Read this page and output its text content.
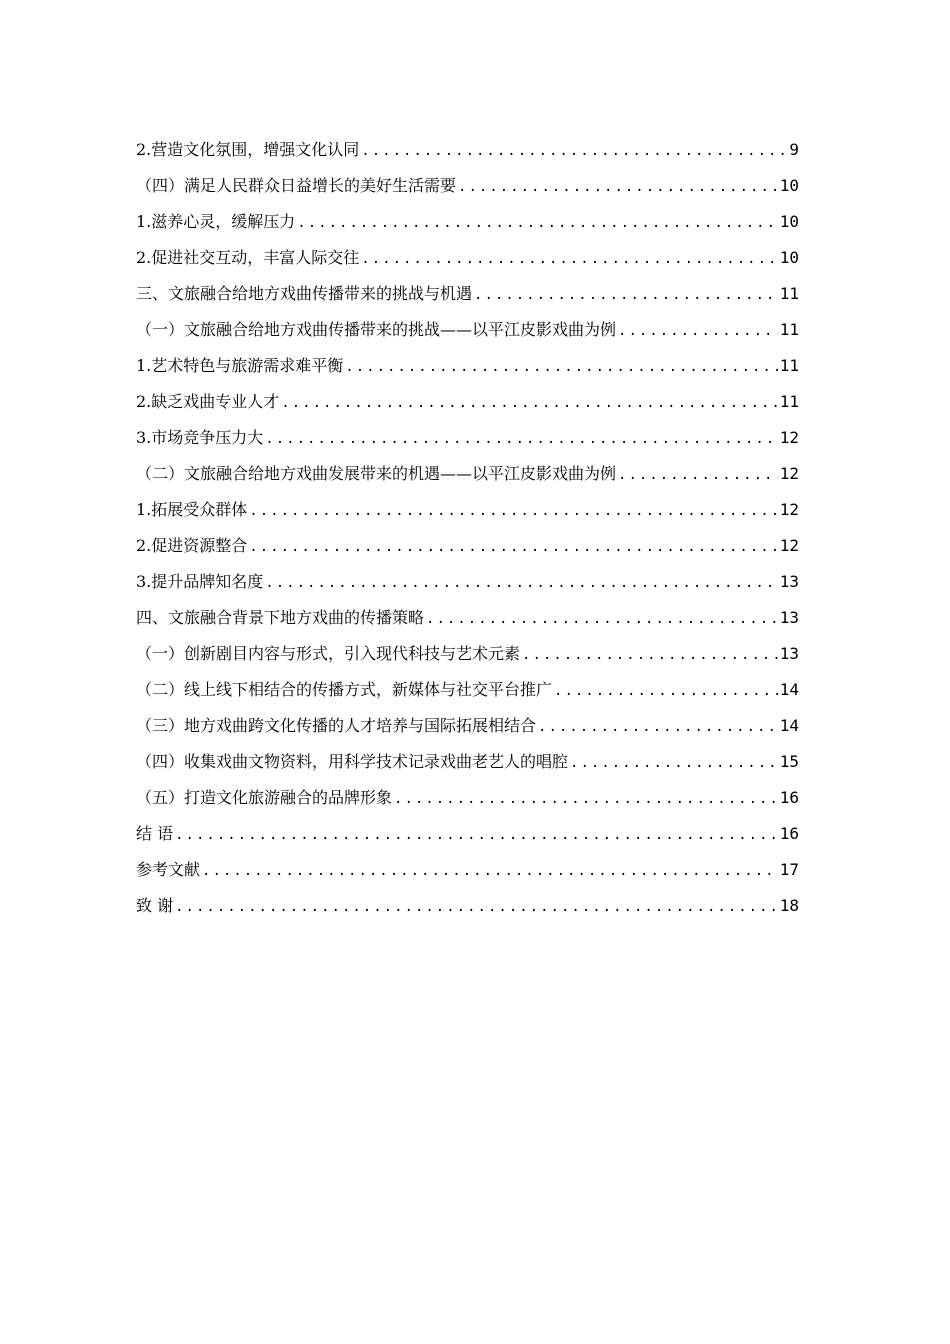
2.营造文化氛围，增强文化认同 .....	9
（四）满足人民群众日益增长的美好生活需要 .....	10
1.滋养心灵，缓解压力 .....	10
2.促进社交互动，丰富人际交往 .....	10
三、文旅融合给地方戏曲传播带来的挑战与机遇 .....	11
（一）文旅融合给地方戏曲传播带来的挑战——以平江皮影戏曲为例 .....	11
1.艺术特色与旅游需求难平衡 .....	11
2.缺乏戏曲专业人才 .....	11
3.市场竞争压力大 .....	12
（二）文旅融合给地方戏曲发展带来的机遇——以平江皮影戏曲为例 .....	12
1.拓展受众群体 .....	12
2.促进资源整合 .....	12
3.提升品牌知名度 .....	13
四、文旅融合背景下地方戏曲的传播策略 .....	13
（一）创新剧目内容与形式，引入现代科技与艺术元素 .....	13
（二）线上线下相结合的传播方式，新媒体与社交平台推广 .....	14
（三）地方戏曲跨文化传播的人才培养与国际拓展相结合 .....	14
（四）收集戏曲文物资料，用科学技术记录戏曲老艺人的唱腔 .....	15
（五）打造文化旅游融合的品牌形象 .....	16
结 语 .....	16
参考文献 .....	17
致 谢 .....	18
